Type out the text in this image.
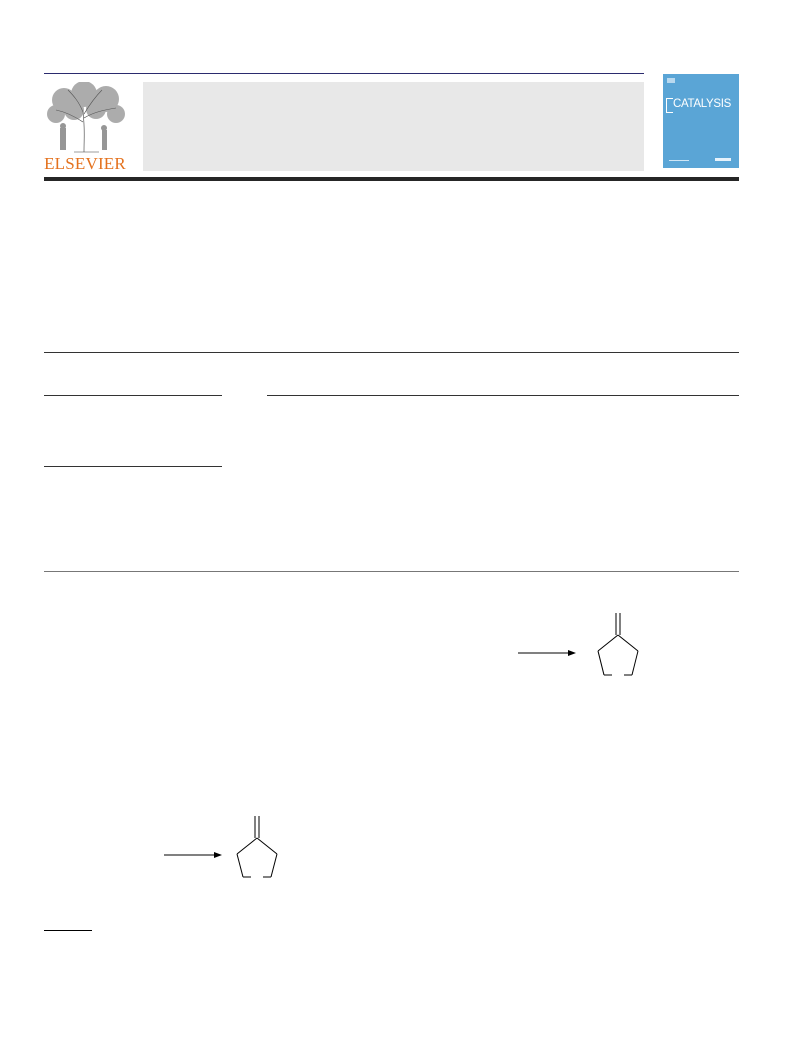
ELSEVIER
CATALYSIS
